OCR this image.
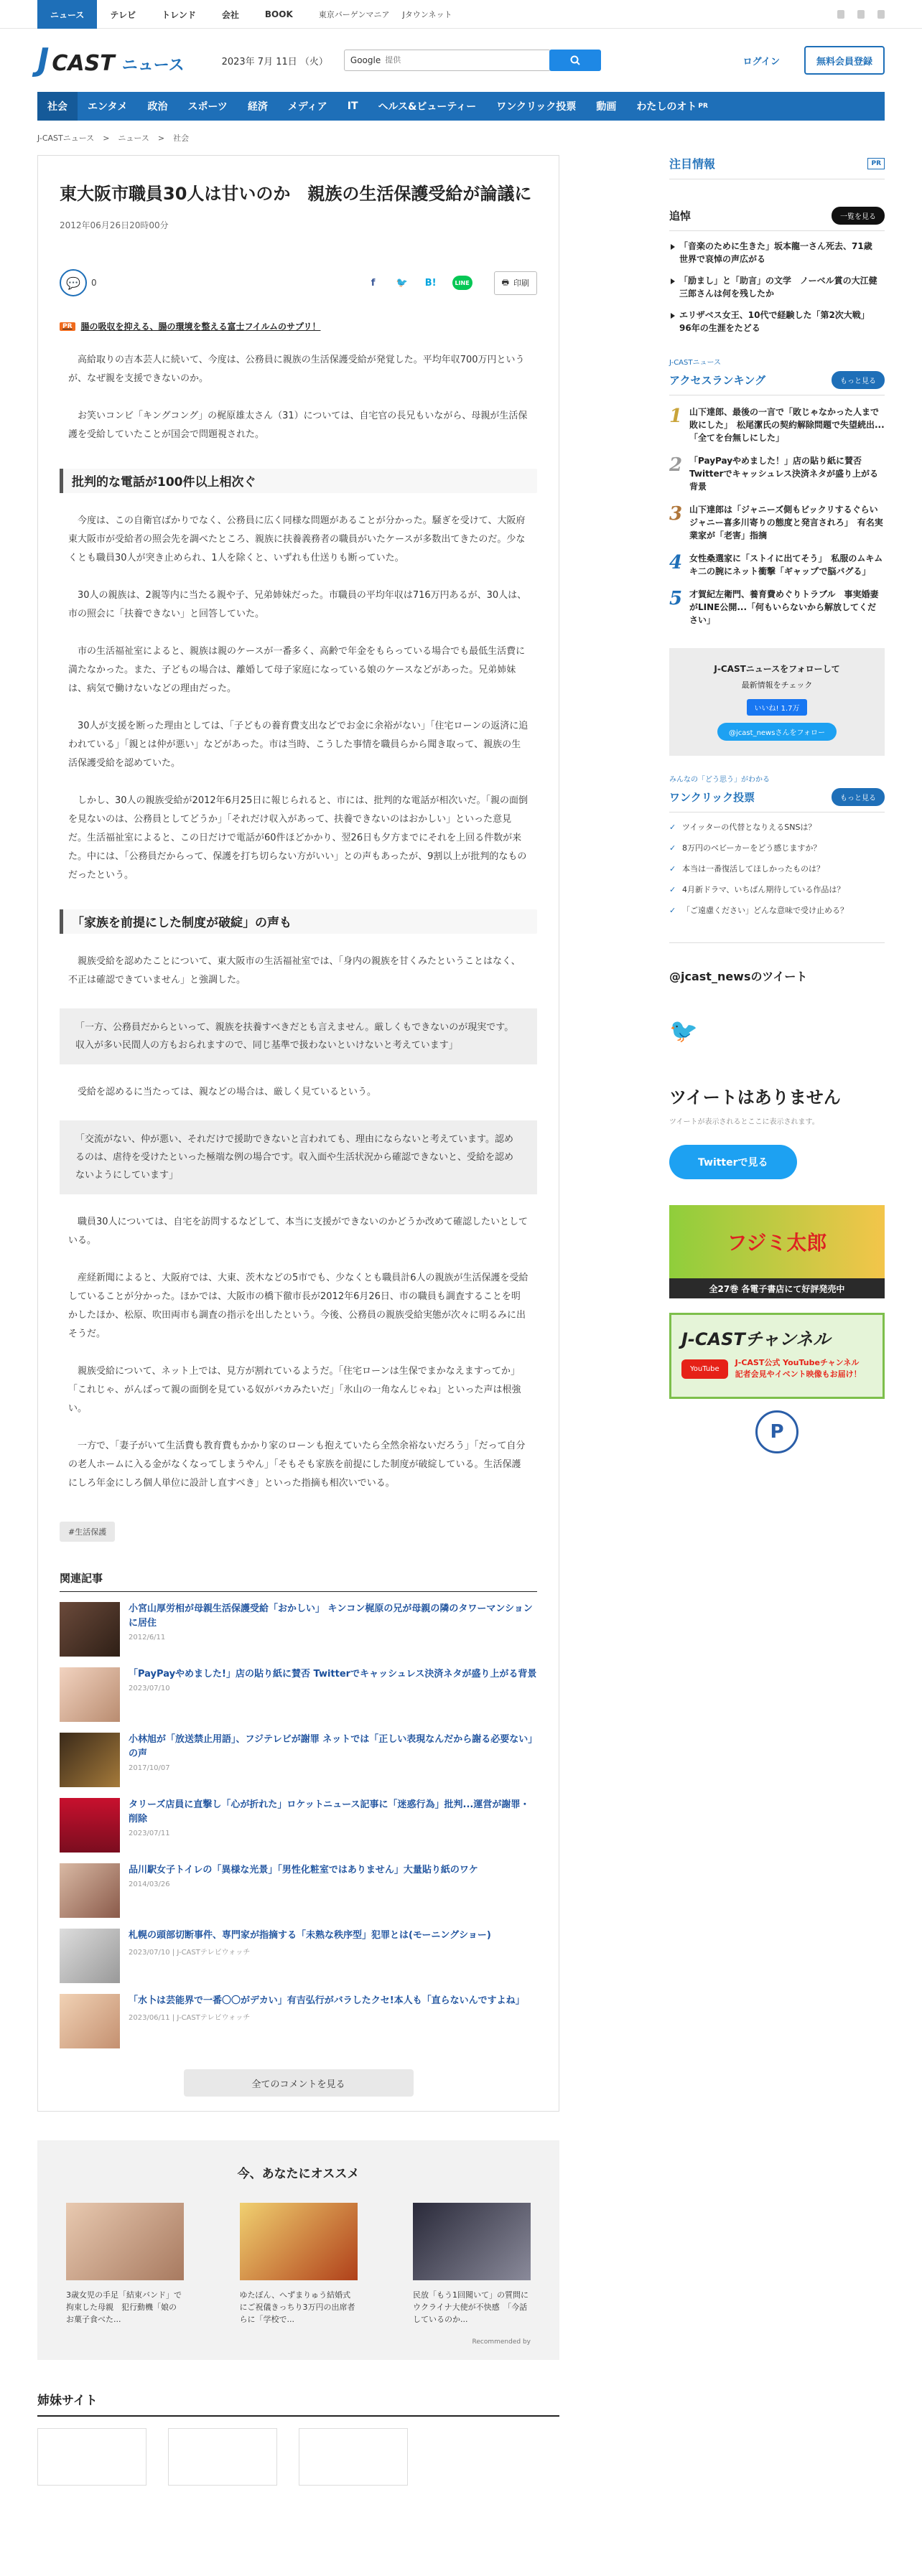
ニュース	テレビ	トレンド	会社	BOOK	東京バーゲンマニア Jタウンネット
J CAST ニュース	2023年 7月 11日 （火）	Google
提供	ログイン	無料会員登録
社会	エンタメ	政治	スポーツ	経済	メディア	IT	ヘルス&ビューティー	ワンクリック投票	動画	わたしのオト PR
J-CASTニュース > ニュース > 社会
東大阪市職員30人は甘いのか　親族の生活保護受給が論議に
2012年06月26日20時00分
💬 0	f	🐦 B!	LINE	🖶 印刷
PR	腸の吸収を抑える、腸の環境を整える富士フイルムのサプリ！

高給取りの吉本芸人に続いて、今度は、公務員に親族の生活保護受給が発覚した。平均年収700万円というが、なぜ親を支援できないのか。

お笑いコンビ「キングコング」の梶原雄太さん（31）については、自宅官の長兄もいながら、母親が生活保護を受給していたことが国会で問題視された。

批判的な電話が100件以上相次ぐ

今度は、この自衛官ばかりでなく、公務員に広く同様な問題があることが分かった。騒ぎを受けて、大阪府東大阪市が受給者の照会先を調べたところ、親族に扶養義務者の職員がいたケースが多数出てきたのだ。少なくとも職員30人が突き止められ、1人を除くと、いずれも仕送りも断っていた。

30人の親族は、2親等内に当たる親や子、兄弟姉妹だった。市職員の平均年収は716万円あるが、30人は、市の照会に「扶養できない」と回答していた。

市の生活福祉室によると、親族は親のケースが一番多く、高齢で年金をもらっている場合でも最低生活費に満たなかった。また、子どもの場合は、離婚して母子家庭になっている娘のケースなどがあった。兄弟姉妹は、病気で働けないなどの理由だった。

30人が支援を断った理由としては、「子どもの養育費支出などでお金に余裕がない」「住宅ローンの返済に追われている」「親とは仲が悪い」などがあった。市は当時、こうした事情を職員らから聞き取って、親族の生活保護受給を認めていた。

しかし、30人の親族受給が2012年6月25日に報じられると、市には、批判的な電話が相次いだ。「親の面倒を見ないのは、公務員としてどうか」「それだけ収入があって、扶養できないのはおかしい」といった意見だ。生活福祉室によると、この日だけで電話が60件ほどかかり、翌26日も夕方までにそれを上回る件数が来た。中には、「公務員だからって、保護を打ち切らない方がいい」との声もあったが、9割以上が批判的なものだったという。

「家族を前提にした制度が破綻」の声も

親族受給を認めたことについて、東大阪市の生活福祉室では、「身内の親族を甘くみたということはなく、不正は確認できていません」と強調した。

「一方、公務員だからといって、親族を扶養すべきだとも言えません。厳しくもできないのが現実です。収入が多い民間人の方もおられますので、同じ基準で扱わないといけないと考えています」

受給を認めるに当たっては、親などの場合は、厳しく見ているという。

「交流がない、仲が悪い、それだけで援助できないと言われても、理由にならないと考えています。認めるのは、虐待を受けたといった極端な例の場合です。収入面や生活状況から確認できないと、受給を認めないようにしています」

職員30人については、自宅を訪問するなどして、本当に支援ができないのかどうか改めて確認したいとしている。

産経新聞によると、大阪府では、大東、茨木などの5市でも、少なくとも職員計6人の親族が生活保護を受給していることが分かった。ほかでは、大阪市の橋下徹市長が2012年6月26日、市の職員も調査することを明かしたほか、松原、吹田両市も調査の指示を出したという。今後、公務員の親族受給実態が次々に明るみに出そうだ。

親族受給について、ネット上では、見方が割れているようだ。「住宅ローンは生保でまかなえますってか」「これじゃ、がんばって親の面倒を見ている奴がバカみたいだ」「氷山の一角なんじゃね」といった声は根強い。

一方で、「妻子がいて生活費も教育費もかかり家のローンも抱えていたら全然余裕ないだろう」「だって自分の老人ホームに入る金がなくなってしまうやん」「そもそも家族を前提にした制度が破綻している。生活保護にしろ年金にしろ個人単位に設計し直すべき」といった指摘も相次いでいる。

#生活保護
関連記事
小宮山厚労相が母親生活保護受給「おかしい」 キンコン梶原の兄が母親の隣のタワーマンションに居住
2012/6/11
「PayPayやめました!」店の貼り紙に賛否 Twitterでキャッシュレス決済ネタが盛り上がる背景
2023/07/10
小林旭が「放送禁止用語」、フジテレビが謝罪 ネットでは「正しい表現なんだから謝る必要ない」の声
2017/10/07
タリーズ店員に直撃し「心が折れた」ロケットニュース記事に「迷惑行為」批判...運営が謝罪・削除
2023/07/11
品川駅女子トイレの「異様な光景」「男性化粧室ではありません」大量貼り紙のワケ
2014/03/26
札幌の頭部切断事件、専門家が指摘する「未熟な秩序型」犯罪とは(モーニングショー)
2023/07/10 | J-CASTテレビウォッチ
「水卜は芸能界で一番〇〇がデカい」有吉弘行がバラしたクセ!本人も「直らないんですよね」
2023/06/11 | J-CASTテレビウォッチ
全てのコメントを見る
今、あなたにオススメ
3歳女児の手足「結束バンド」で拘束した母親　犯行動機「娘のお菓子食べた...
ゆたぼん、へずまりゅう結婚式にご祝儀きっちり3万円の出席者らに「学校で...
民放「もう1回聞いて」の質問にウクライナ大使が不快感　「今話しているのか...
Recommended by
姉妹サイト
注目情報	PR
追悼	一覧を見る
「音楽のために生きた」坂本龍一さん死去、71歳　世界で哀悼の声広がる
「励まし」と「助言」の文学　ノーベル賞の大江健三郎さんは何を残したか
エリザベス女王、10代で経験した「第2次大戦」　96年の生涯をたどる
J-CASTニュース
アクセスランキング	もっと見る
1 山下達郎、最後の一言で「敗じゃなかった人まで敗にした」　松尾潔氏の契約解除問題で失望続出...「全てを台無しにした」
2 「PayPayやめました！」店の貼り紙に賛否　Twitterでキャッシュレス決済ネタが盛り上がる背景
3 山下達郎は「ジャニーズ側もビックリするぐらいジャニー喜多川寄りの態度と発言されろ」　有名実業家が「老害」指摘
4 女性桑選家に「ストイに出てそう」　私服のムキムキ二の腕にネット衝撃「ギャップで脳バグる」
5 才賀紀左衛門、養育費めぐりトラブル　事実婚妻がLINE公開...「何もいらないから解放してください」
J-CASTニュースをフォローして
最新情報をチェック
いいね! 1.7万
@jcast_newsさんをフォロー
みんなの「どう思う」がわかる
ワンクリック投票	もっと見る
✓ ツイッターの代替となりえるSNSは？
✓ 8万円のベビーカーをどう感じますか？
✓ 本当は一番復活してほしかったものは？
✓ 4月新ドラマ、いちばん期待している作品は？
✓ 「ご遠慮ください」どんな意味で受け止める？
@jcast_newsのツイート
🐦
ツイートはありません
ツイートが表示されるとここに表示されます。
Twitterで見る
フジミ太郎
全27巻 各電子書店にて好評発売中
J-CASTチャンネル
YouTube
J-CAST公式 YouTubeチャンネル
記者会見やイベント映像もお届け！
P
